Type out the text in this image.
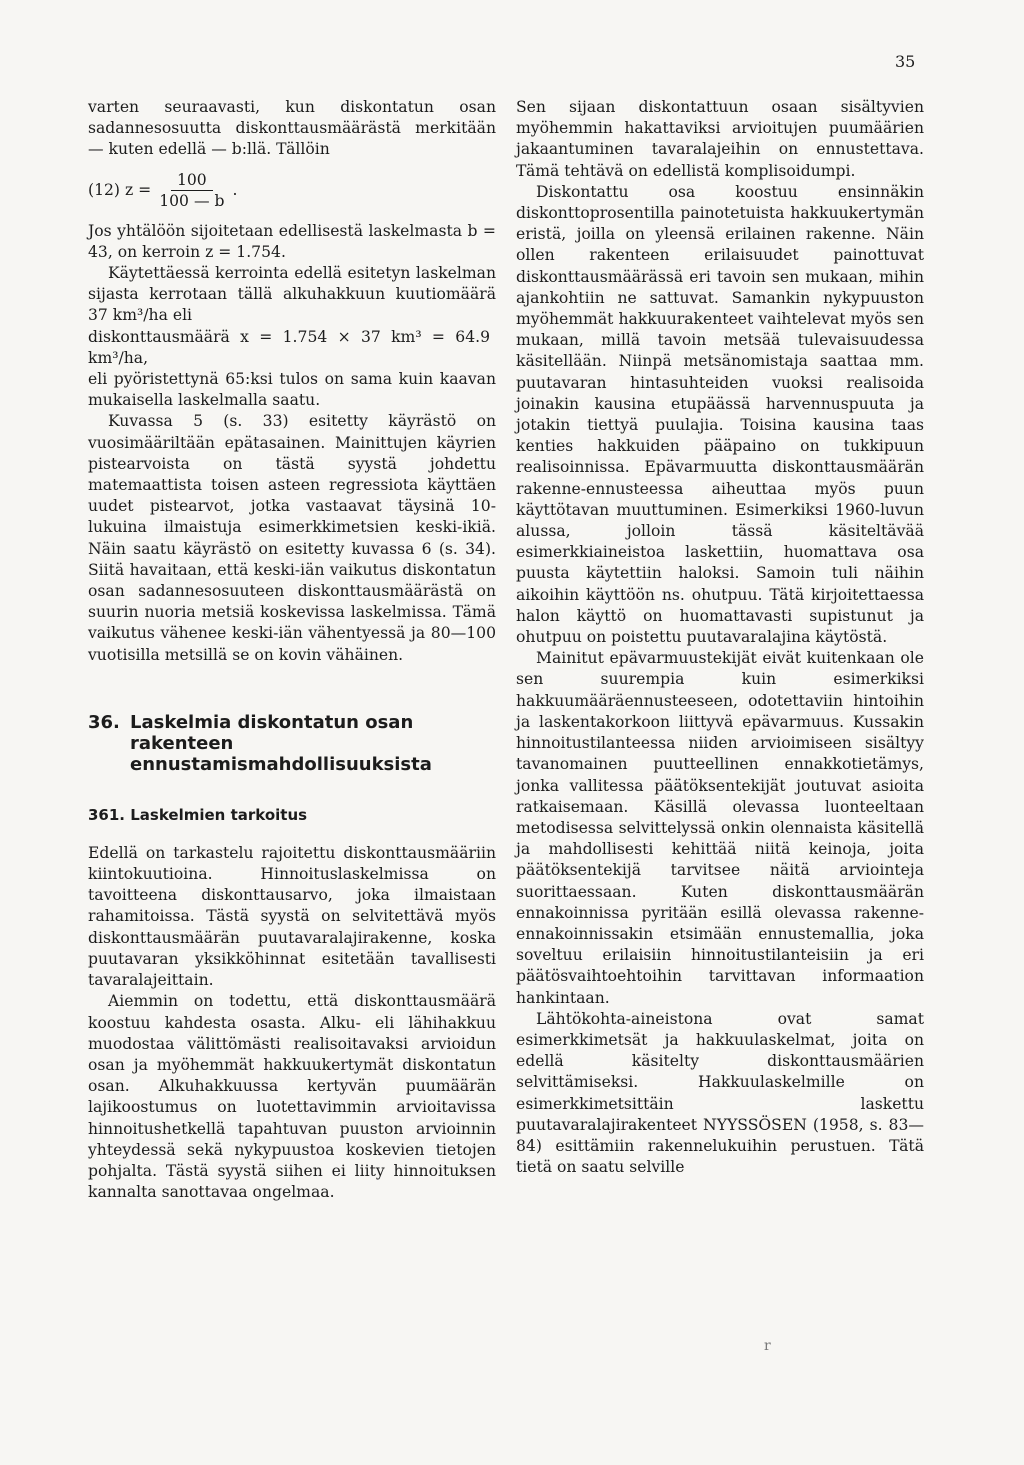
35

varten seuraavasti, kun diskontatun osan sadannesosuutta diskonttausmäärästä merkitään — kuten edellä — b:llä. Tällöin

(12) $z = \frac{100}{100 — b}$ .

Jos yhtälöön sijoitetaan edellisestä laskelmasta b = 43, on kerroin z = 1.754.

Käytettäessä kerrointa edellä esitetyn laskelman sijasta kerrotaan tällä alkuhakkuun kuutiomäärä 37 km³/ha eli

diskonttausmäärä x = 1.754 × 37 km³ = 64.9 km³/ha,

eli pyöristettynä 65:ksi tulos on sama kuin kaavan mukaisella laskelmalla saatu.

Kuvassa 5 (s. 33) esitetty käyrästö on vuosimääriltään epätasainen. Mainittujen käyrien pistearvoista on tästä syystä johdettu matemaattista toisen asteen regressiota käyttäen uudet pistearvot, jotka vastaavat täysinä 10-lukuina ilmaistuja esimerkkimetsien keski-ikiä. Näin saatu käyrästö on esitetty kuvassa 6 (s. 34). Siitä havaitaan, että keski-iän vaikutus diskontatun osan sadannesosuuteen diskonttausmäärästä on suurin nuoria metsiä koskevissa laskelmissa. Tämä vaikutus vähenee keski-iän vähentyessä ja 80—100 vuotisilla metsillä se on kovin vähäinen.

36. Laskelmia diskontatun osan rakenteen ennustamismahdollisuuksista
361. Laskelmien tarkoitus

Edellä on tarkastelu rajoitettu diskonttausmääriin kiintokuutioina. Hinnoituslaskelmissa on tavoitteena diskonttausarvo, joka ilmaistaan rahamitoissa. Tästä syystä on selvitettävä myös diskonttausmäärän puutavaralajirakenne, koska puutavaran yksikköhinnat esitetään tavallisesti tavaralajeittain.

Aiemmin on todettu, että diskonttausmäärä koostuu kahdesta osasta. Alku- eli lähihakkuu muodostaa välittömästi realisoitavaksi arvioidun osan ja myöhemmät hakkuukertymät diskontatun osan. Alkuhakkuussa kertyvän puumäärän lajikoostumus on luotettavimmin arvioitavissa hinnoitushetkellä tapahtuvan puuston arvioinnin yhteydessä sekä nykypuustoa koskevien tietojen pohjalta. Tästä syystä siihen ei liity hinnoituksen kannalta sanottavaa ongelmaa.

Sen sijaan diskontattuun osaan sisältyvien myöhemmin hakattaviksi arvioitujen puumäärien jakaantuminen tavaralajeihin on ennustettava. Tämä tehtävä on edellistä komplisoidumpi.

Diskontattu osa koostuu ensinnäkin diskonttoprosentilla painotetuista hakkuukertymän eristä, joilla on yleensä erilainen rakenne. Näin ollen rakenteen erilaisuudet painottuvat diskonttausmäärässä eri tavoin sen mukaan, mihin ajankohtiin ne sattuvat. Samankin nykypuuston myöhemmät hakkuurakenteet vaihtelevat myös sen mukaan, millä tavoin metsää tulevaisuudessa käsitellään. Niinpä metsänomistaja saattaa mm. puutavaran hintasuhteiden vuoksi realisoida joinakin kausina etupäässä harvennuspuuta ja jotakin tiettyä puulajia. Toisina kausina taas kenties hakkuiden pääpaino on tukkipuun realisoinnissa. Epävarmuutta diskonttausmäärän rakenne-ennusteessa aiheuttaa myös puun käyttötavan muuttuminen. Esimerkiksi 1960-luvun alussa, jolloin tässä käsiteltävää esimerkkiaineistoa laskettiin, huomattava osa puusta käytettiin haloksi. Samoin tuli näihin aikoihin käyttöön ns. ohutpuu. Tätä kirjoitettaessa halon käyttö on huomattavasti supistunut ja ohutpuu on poistettu puutavaralajina käytöstä.

Mainitut epävarmuustekijät eivät kuitenkaan ole sen suurempia kuin esimerkiksi hakkuumääräennusteeseen, odotettaviin hintoihin ja laskentakorkoon liittyvä epävarmuus. Kussakin hinnoitustilanteessa niiden arvioimiseen sisältyy tavanomainen puutteellinen ennakkotietämys, jonka vallitessa päätöksentekijät joutuvat asioita ratkaisemaan. Käsillä olevassa luonteeltaan metodisessa selvittelyssä onkin olennaista käsitellä ja mahdollisesti kehittää niitä keinoja, joita päätöksentekijä tarvitsee näitä arviointeja suorittaessaan. Kuten diskonttausmäärän ennakoinnissa pyritään esillä olevassa rakenne-ennakoinnissakin etsimään ennustemallia, joka soveltuu erilaisiin hinnoitustilanteisiin ja eri päätösvaihtoehtoihin tarvittavan informaation hankintaan.

Lähtökohta-aineistona ovat samat esimerkkimetsät ja hakkuulaskelmat, joita on edellä käsitelty diskonttausmäärien selvittämiseksi. Hakkuulaskelmille on esimerkkimetsittäin laskettu puutavaralajirakenteet NYYSSÖSEN (1958, s. 83—84) esittämiin rakennelukuihin perustuen. Tätä tietä on saatu selville

r
